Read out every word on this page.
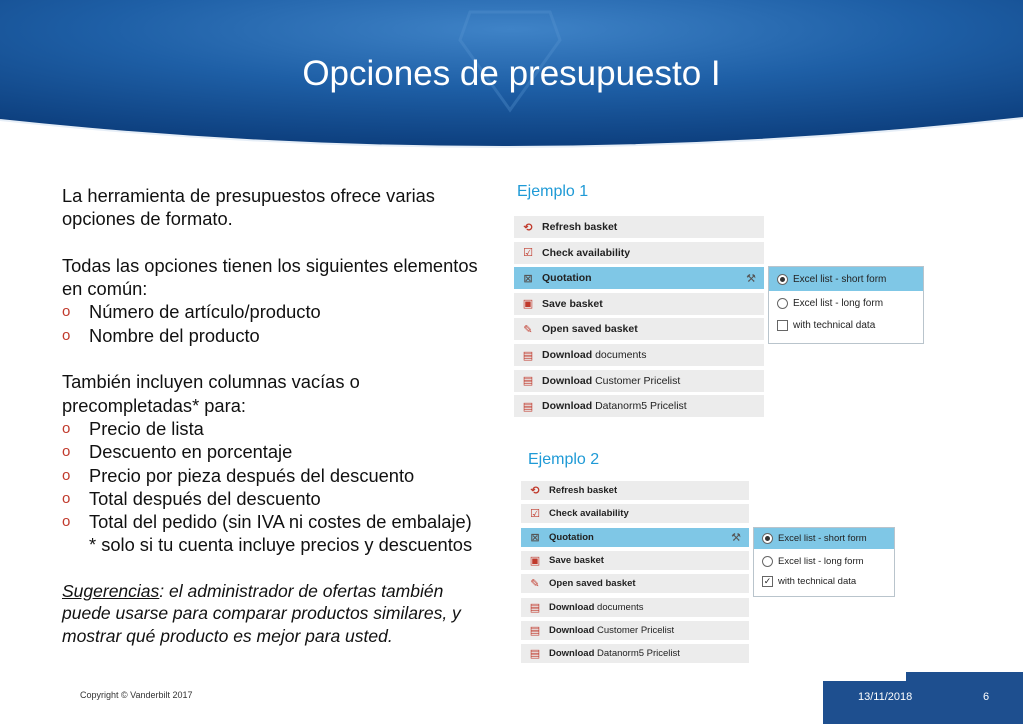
Opciones de presupuesto I

La herramienta de presupuestos ofrece varias opciones de formato.

Todas las opciones tienen los siguientes elementos en común:

o Número de artículo/producto
o Nombre del producto

También incluyen columnas vacías o precompletadas* para:

o Precio de lista
o Descuento en porcentaje
o Precio por pieza después del descuento
o Total después del descuento
o Total del pedido (sin IVA ni costes de embalaje)
* solo si tu cuenta incluye precios y descuentos

Sugerencias: el administrador de ofertas también puede usarse para comparar productos similares, y mostrar qué producto es mejor para usted.

Ejemplo 1
⟲ Refresh basket
☑ Check availability
⊠ Quotation	⚒
▣ Save basket
✎ Open saved basket
▤ Download documents
▤ Download Customer Pricelist
▤ Download Datanorm5 Pricelist
Excel list - short form
Excel list - long form
with technical data
Ejemplo 2
⟲ Refresh basket
☑ Check availability
⊠ Quotation	⚒
▣ Save basket
✎ Open saved basket
▤ Download documents
▤ Download Customer Pricelist
▤ Download Datanorm5 Pricelist
Excel list - short form
Excel list - long form
✓ with technical data
Copyright © Vanderbilt 2017	13/11/2018	6
